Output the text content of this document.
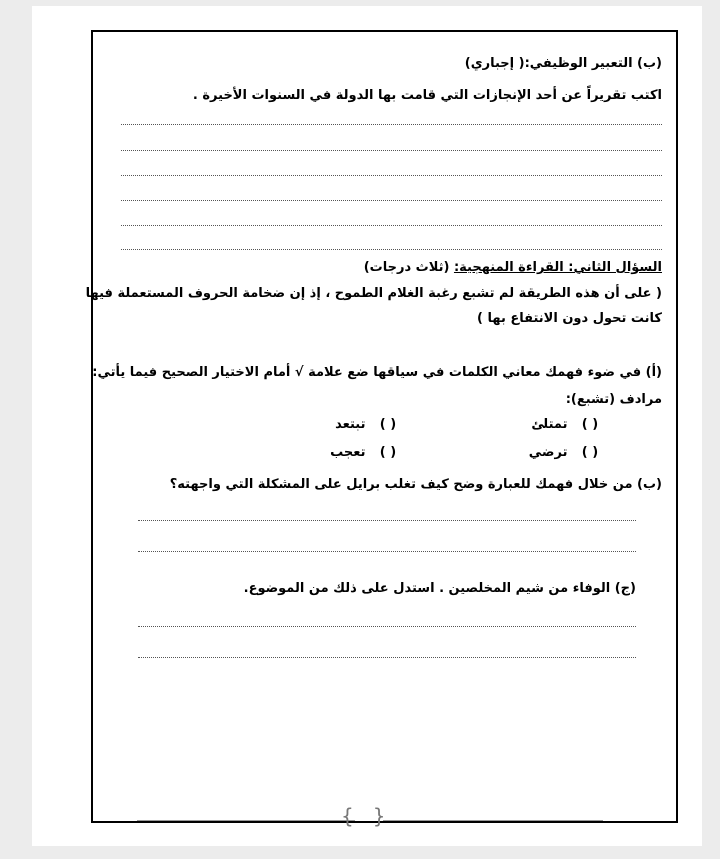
(ب) التعبير الوظيفي:( إجباري)
اكتب تقريراً عن أحد الإنجازات التي قامت بها الدولة في السنوات الأخيرة .
السؤال الثاني: القراءة المنهجية: (ثلاث درجات)
( على أن هذه الطريقة لم تشبع رغبة الغلام الطموح ، إذ إن ضخامة الحروف المستعملة فيها
كانت تحول دون الانتفاع بها )
(أ) في ضوء فهمك معاني الكلمات في سياقها ضع علامة √ أمام الاختيار الصحيح فيما يأتي:
مرادف (تشبع):
( ) تمتلئ
( ) تبتعد
( ) ترضي
( ) تعجب
(ب) من خلال فهمك للعبارة وضح كيف تغلب برايل على المشكلة التي واجهته؟
(ج) الوفاء من شيم المخلصين . استدل على ذلك من الموضوع.
{   }
